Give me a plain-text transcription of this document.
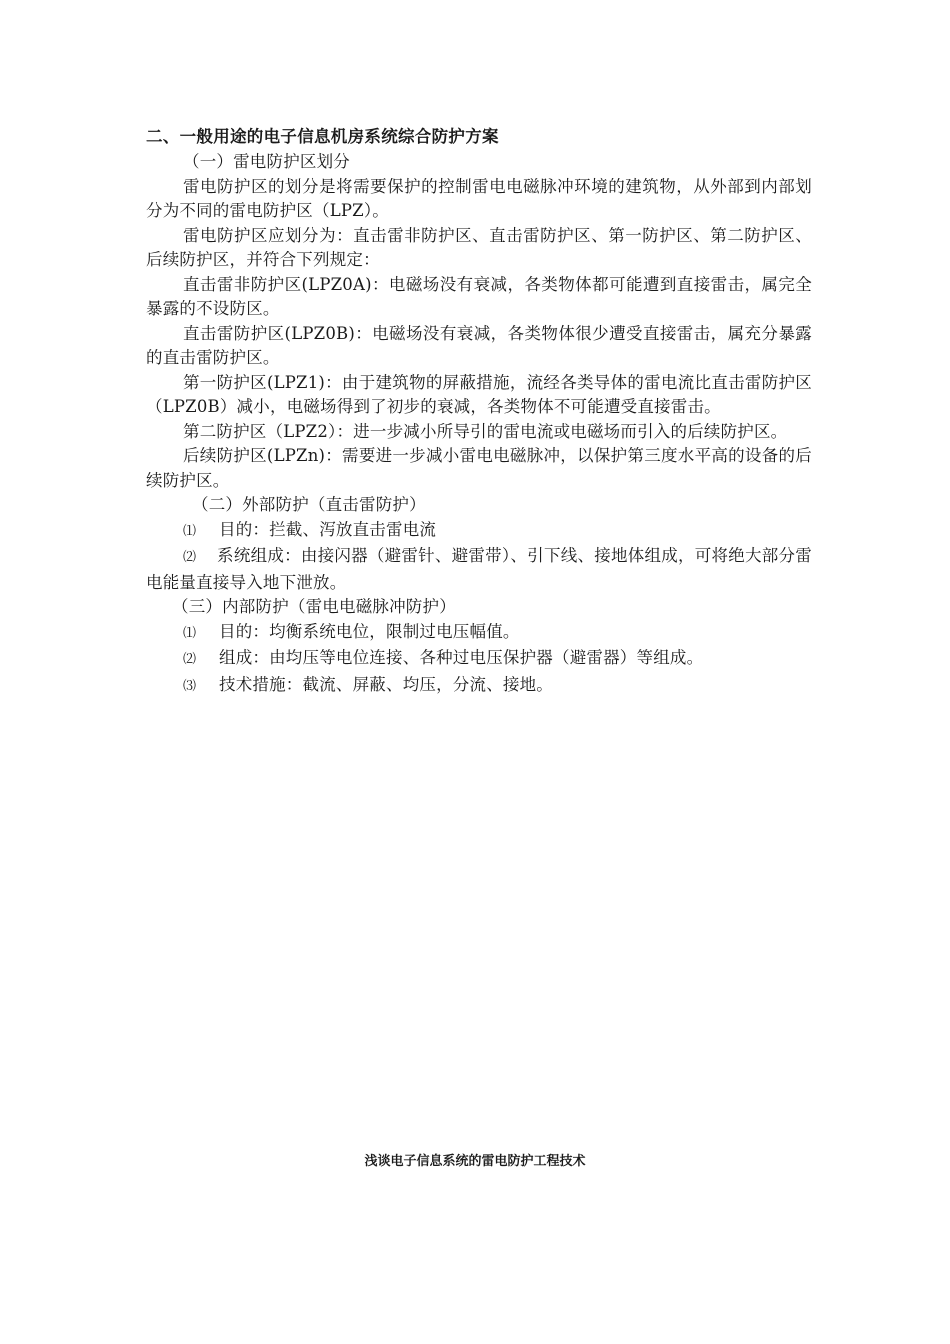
二、一般用途的电子信息机房系统综合防护方案

（一）雷电防护区划分

雷电防护区的划分是将需要保护的控制雷电电磁脉冲环境的建筑物，从外部到内部划分为不同的雷电防护区（LPZ）。

雷电防护区应划分为：直击雷非防护区、直击雷防护区、第一防护区、第二防护区、后续防护区，并符合下列规定：

直击雷非防护区(LPZ0A)：电磁场没有衰减，各类物体都可能遭到直接雷击，属完全暴露的不设防区。

直击雷防护区(LPZ0B)：电磁场没有衰减，各类物体很少遭受直接雷击，属充分暴露的直击雷防护区。

第一防护区(LPZ1)：由于建筑物的屏蔽措施，流经各类导体的雷电流比直击雷防护区（LPZ0B）减小，电磁场得到了初步的衰减，各类物体不可能遭受直接雷击。

第二防护区（LPZ2）：进一步减小所导引的雷电流或电磁场而引入的后续防护区。

后续防护区(LPZn)：需要进一步减小雷电电磁脉冲，以保护第三度水平高的设备的后续防护区。

（二）外部防护（直击雷防护）

⑴ 目的：拦截、泻放直击雷电流

⑵ 系统组成：由接闪器（避雷针、避雷带）、引下线、接地体组成，可将绝大部分雷电能量直接导入地下泄放。

（三）内部防护（雷电电磁脉冲防护）

⑴ 目的：均衡系统电位，限制过电压幅值。

⑵ 组成：由均压等电位连接、各种过电压保护器（避雷器）等组成。

⑶ 技术措施：截流、屏蔽、均压，分流、接地。

浅谈电子信息系统的雷电防护工程技术
